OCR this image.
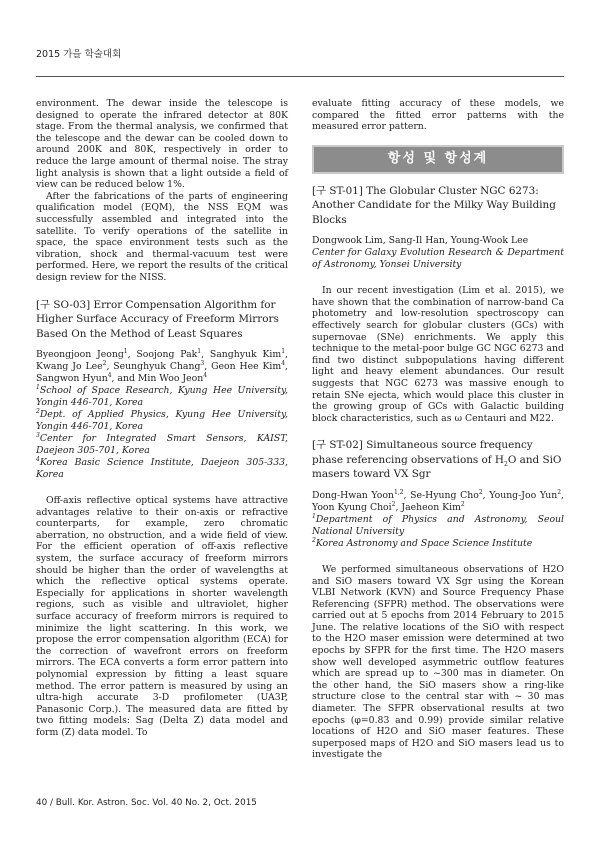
2015 가을 학술대회

environment. The dewar inside the telescope is designed to operate the infrared detector at 80K stage. From the thermal analysis, we confirmed that the telescope and the dewar can be cooled down to around 200K and 80K, respectively in order to reduce the large amount of thermal noise. The stray light analysis is shown that a light outside a field of view can be reduced below 1%.

After the fabrications of the parts of engineering qualification model (EQM), the NSS EQM was successfully assembled and integrated into the satellite. To verify operations of the satellite in space, the space environment tests such as the vibration, shock and thermal-vacuum test were performed. Here, we report the results of the critical design review for the NISS.

[구 SO-03] Error Compensation Algorithm for Higher Surface Accuracy of Freeform Mirrors Based On the Method of Least Squares

Byeongjoon Jeong$^1$, Soojong Pak$^1$, Sanghyuk Kim$^1$, Kwang Jo Lee$^2$, Seunghyuk Chang$^3$, Geon Hee Kim$^4$, Sangwon Hyun$^4$, and Min Woo Jeon$^4$

$^1$School of Space Research, Kyung Hee University, Yongin 446-701, Korea

$^2$Dept. of Applied Physics, Kyung Hee University, Yongin 446-701, Korea

$^3$Center for Integrated Smart Sensors, KAIST, Daejeon 305-701, Korea

$^4$Korea Basic Science Institute, Daejeon 305-333, Korea

Off-axis reflective optical systems have attractive advantages relative to their on-axis or refractive counterparts, for example, zero chromatic aberration, no obstruction, and a wide field of view. For the efficient operation of off-axis reflective system, the surface accuracy of freeform mirrors should be higher than the order of wavelengths at which the reflective optical systems operate. Especially for applications in shorter wavelength regions, such as visible and ultraviolet, higher surface accuracy of freeform mirrors is required to minimize the light scattering. In this work, we propose the error compensation algorithm (ECA) for the correction of wavefront errors on freeform mirrors. The ECA converts a form error pattern into polynomial expression by fitting a least square method. The error pattern is measured by using an ultra-high accurate 3-D profilometer (UA3P, Panasonic Corp.). The measured data are fitted by two fitting models: Sag (Delta Z) data model and form (Z) data model. To

evaluate fitting accuracy of these models, we compared the fitted error patterns with the measured error pattern.

항성 및 항성계
[구 ST-01] The Globular Cluster NGC 6273: Another Candidate for the Milky Way Building Blocks

Dongwook Lim, Sang-Il Han, Young-Wook Lee

Center for Galaxy Evolution Research & Department of Astronomy, Yonsei University

In our recent investigation (Lim et al. 2015), we have shown that the combination of narrow-band Ca photometry and low-resolution spectroscopy can effectively search for globular clusters (GCs) with supernovae (SNe) enrichments. We apply this technique to the metal-poor bulge GC NGC 6273 and find two distinct subpopulations having different light and heavy element abundances. Our result suggests that NGC 6273 was massive enough to retain SNe ejecta, which would place this cluster in the growing group of GCs with Galactic building block characteristics, such as ω Centauri and M22.

[구 ST-02] Simultaneous source frequency phase referencing observations of $H_2O$ and SiO masers toward VX Sgr

Dong-Hwan Yoon$^{1,2}$, Se-Hyung Cho$^2$, Young-Joo Yun$^2$, Yoon Kyung Choi$^2$, Jaeheon Kim$^2$

$^1$Department of Physics and Astronomy, Seoul National University

$^2$Korea Astronomy and Space Science Institute

We performed simultaneous observations of H2O and SiO masers toward VX Sgr using the Korean VLBI Network (KVN) and Source Frequency Phase Referencing (SFPR) method. The observations were carried out at 5 epochs from 2014 February to 2015 June. The relative locations of the SiO with respect to the H2O maser emission were determined at two epochs by SFPR for the first time. The H2O masers show well developed asymmetric outflow features which are spread up to ~300 mas in diameter. On the other hand, the SiO masers show a ring-like structure close to the central star with ~ 30 mas diameter. The SFPR observational results at two epochs (φ=0.83 and 0.99) provide similar relative locations of H2O and SiO maser features. These superposed maps of H2O and SiO masers lead us to investigate the

40 / Bull. Kor. Astron. Soc. Vol. 40 No. 2, Oct. 2015
